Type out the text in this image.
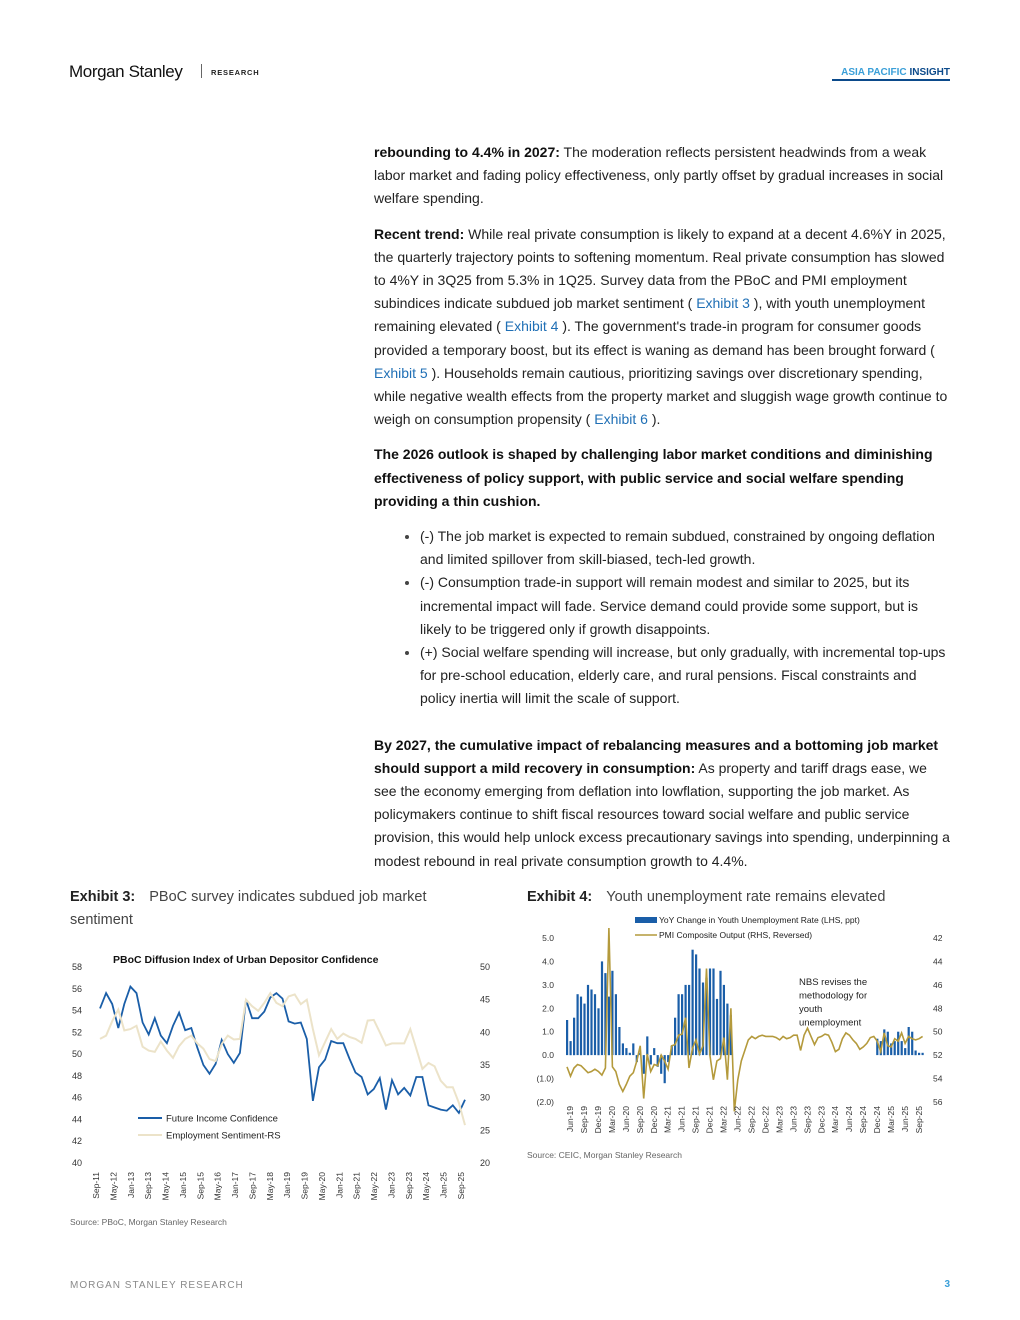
Morgan Stanley	RESEARCH	ASIA PACIFIC INSIGHT

rebounding to 4.4% in 2027: The moderation reflects persistent headwinds from a weak labor market and fading policy effectiveness, only partly offset by gradual increases in social welfare spending.

Recent trend: While real private consumption is likely to expand at a decent 4.6%Y in 2025, the quarterly trajectory points to softening momentum. Real private consumption has slowed to 4%Y in 3Q25 from 5.3% in 1Q25. Survey data from the PBoC and PMI employment subindices indicate subdued job market sentiment ( Exhibit 3 ), with youth unemployment remaining elevated ( Exhibit 4 ). The government's trade-in program for consumer goods provided a temporary boost, but its effect is waning as demand has been brought forward ( Exhibit 5 ). Households remain cautious, prioritizing savings over discretionary spending, while negative wealth effects from the property market and sluggish wage growth continue to weigh on consumption propensity ( Exhibit 6 ).

The 2026 outlook is shaped by challenging labor market conditions and diminishing effectiveness of policy support, with public service and social welfare spending providing a thin cushion.

• (-) The job market is expected to remain subdued, constrained by ongoing deflation and limited spillover from skill-biased, tech-led growth.
• (-) Consumption trade-in support will remain modest and similar to 2025, but its incremental impact will fade. Service demand could provide some support, but is likely to be triggered only if growth disappoints.
• (+) Social welfare spending will increase, but only gradually, with incremental top-ups for pre-school education, elderly care, and rural pensions. Fiscal constraints and policy inertia will limit the scale of support.

By 2027, the cumulative impact of rebalancing measures and a bottoming job market should support a mild recovery in consumption: As property and tariff drags ease, we see the economy emerging from deflation into lowflation, supporting the job market. As policymakers continue to shift fiscal resources toward social welfare and public service provision, this would help unlock excess precautionary savings into spending, underpinning a modest rebound in real private consumption growth to 4.4%.

Exhibit 3: PBoC survey indicates subdued job market sentiment
PBoC Diffusion Index of Urban Depositor Confidence
40
42
44
46
48
50
52
54
56
58
20
25
30
35
40
45
50
Sep-11 May-12 Jan-13 Sep-13 May-14 Jan-15 Sep-15 May-16 Jan-17 Sep-17 May-18 Jan-19 Sep-19 May-20 Jan-21 Sep-21 May-22 Jan-23 Sep-23 May-24 Jan-25 Sep-25
Future Income Confidence
Employment Sentiment-RS
Source: PBoC, Morgan Stanley Research
Exhibit 4: Youth unemployment rate remains elevated
(2.0)
(1.0)
0.0
1.0
2.0
3.0
4.0
5.0
56
54
52
50
48
46
44
42
YoY Change in Youth Unemployment Rate (LHS, ppt)
PMI Composite Output (RHS, Reversed)
NBS revises the
methodology for
youth
unemployment
Jun-19 Sep-19 Dec-19 Mar-20 Jun-20 Sep-20 Dec-20 Mar-21 Jun-21 Sep-21 Dec-21 Mar-22 Jun-22 Sep-22 Dec-22 Mar-23 Jun-23 Sep-23 Dec-23 Mar-24 Jun-24 Sep-24 Dec-24 Mar-25 Jun-25 Sep-25
Source: CEIC, Morgan Stanley Research
MORGAN STANLEY RESEARCH	3
